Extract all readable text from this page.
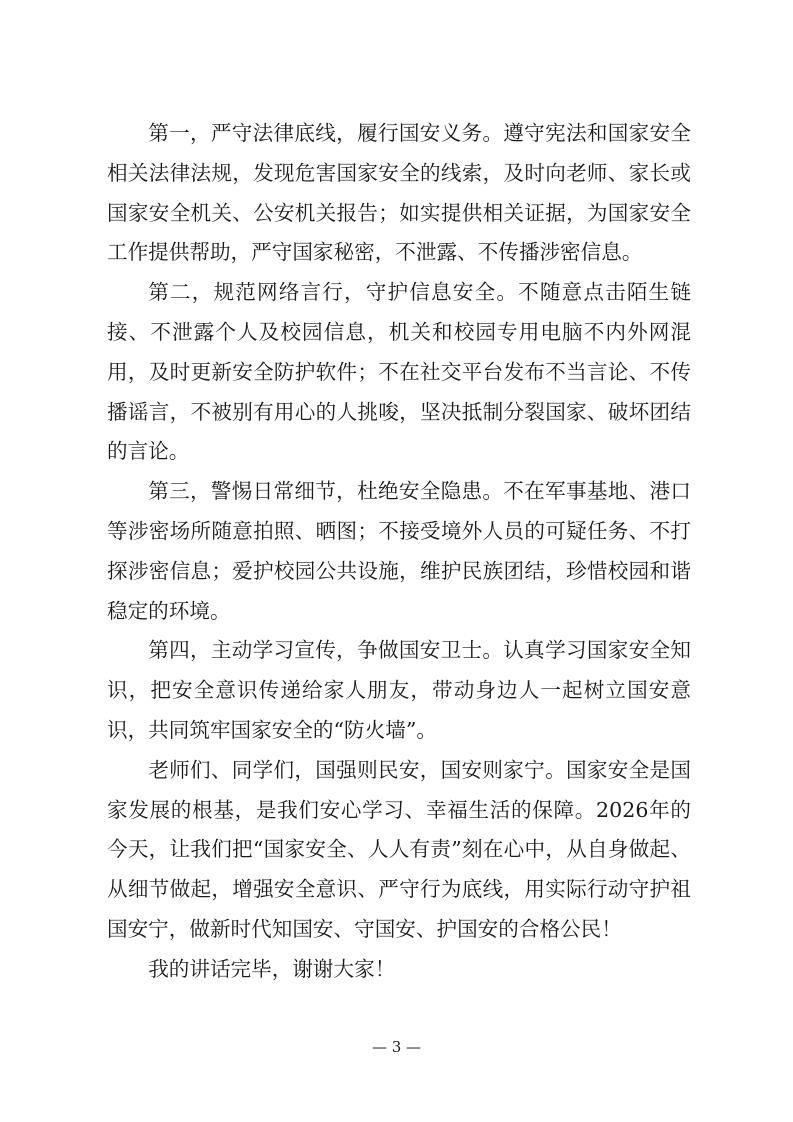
第一，严守法律底线，履行国安义务。遵守宪法和国家安全相关法律法规，发现危害国家安全的线索，及时向老师、家长或国家安全机关、公安机关报告；如实提供相关证据，为国家安全工作提供帮助，严守国家秘密，不泄露、不传播涉密信息。

第二，规范网络言行，守护信息安全。不随意点击陌生链接、不泄露个人及校园信息，机关和校园专用电脑不内外网混用，及时更新安全防护软件；不在社交平台发布不当言论、不传播谣言，不被别有用心的人挑唆，坚决抵制分裂国家、破坏团结的言论。

第三，警惕日常细节，杜绝安全隐患。不在军事基地、港口等涉密场所随意拍照、晒图；不接受境外人员的可疑任务、不打探涉密信息；爱护校园公共设施，维护民族团结，珍惜校园和谐稳定的环境。

第四，主动学习宣传，争做国安卫士。认真学习国家安全知识，把安全意识传递给家人朋友，带动身边人一起树立国安意识，共同筑牢国家安全的“防火墙”。

老师们、同学们，国强则民安，国安则家宁。国家安全是国家发展的根基，是我们安心学习、幸福生活的保障。2026年的今天，让我们把“国家安全、人人有责”刻在心中，从自身做起、从细节做起，增强安全意识、严守行为底线，用实际行动守护祖国安宁，做新时代知国安、守国安、护国安的合格公民！

我的讲话完毕，谢谢大家！

— 3 —
